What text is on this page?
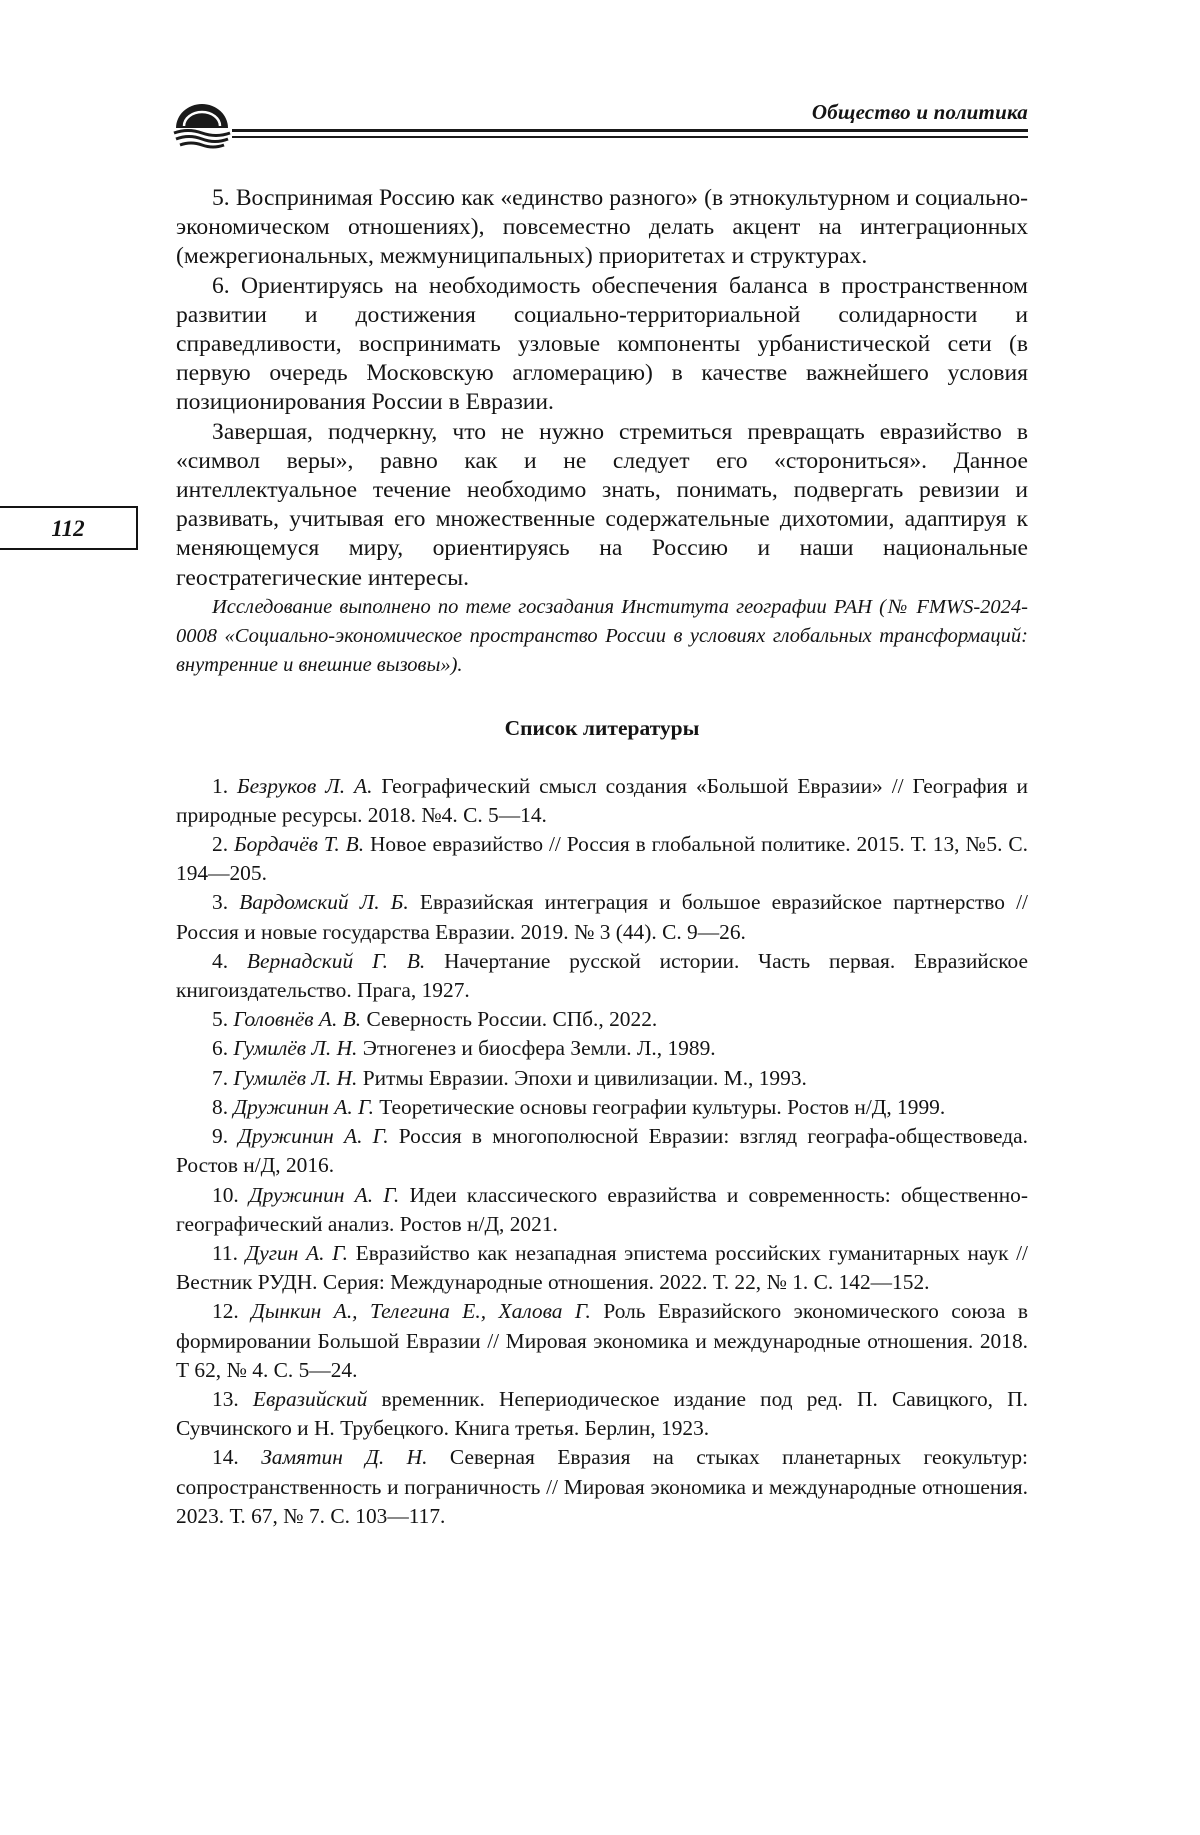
Общество и политика
112

5. Воспринимая Россию как «единство разного» (в этнокультурном и социально-экономическом отношениях), повсеместно делать акцент на интеграционных (межрегиональных, межмуниципальных) приоритетах и структурах.

6. Ориентируясь на необходимость обеспечения баланса в пространственном развитии и достижения социально-территориальной солидарности и справедливости, воспринимать узловые компоненты урбанистической сети (в первую очередь Московскую агломерацию) в качестве важнейшего условия позиционирования России в Евразии.

Завершая, подчеркну, что не нужно стремиться превращать евразийство в «символ веры», равно как и не следует его «сторониться». Данное интеллектуальное течение необходимо знать, понимать, подвергать ревизии и развивать, учитывая его множественные содержательные дихотомии, адаптируя к меняющемуся миру, ориентируясь на Россию и наши национальные геостратегические интересы.

Исследование выполнено по теме госзадания Института географии РАН (№ FMWS-2024-0008 «Социально-экономическое пространство России в условиях глобальных трансформаций: внутренние и внешние вызовы»).

Список литературы

1. Безруков Л. А. Географический смысл создания «Большой Евразии» // География и природные ресурсы. 2018. №4. С. 5—14.

2. Бордачёв Т. В. Новое евразийство // Россия в глобальной политике. 2015. Т. 13, №5. С. 194—205.

3. Вардомский Л. Б. Евразийская интеграция и большое евразийское партнерство // Россия и новые государства Евразии. 2019. № 3 (44). С. 9—26.

4. Вернадский Г. В. Начертание русской истории. Часть первая. Евразийское книгоиздательство. Прага, 1927.

5. Головнёв А. В. Северность России. СПб., 2022.

6. Гумилёв Л. Н. Этногенез и биосфера Земли. Л., 1989.

7. Гумилёв Л. Н. Ритмы Евразии. Эпохи и цивилизации. М., 1993.

8. Дружинин А. Г. Теоретические основы географии культуры. Ростов н/Д, 1999.

9. Дружинин А. Г. Россия в многополюсной Евразии: взгляд географа-обществоведа. Ростов н/Д, 2016.

10. Дружинин А. Г. Идеи классического евразийства и современность: общественно-географический анализ. Ростов н/Д, 2021.

11. Дугин А. Г. Евразийство как незападная эпистема российских гуманитарных наук // Вестник РУДН. Серия: Международные отношения. 2022. Т. 22, № 1. С. 142—152.

12. Дынкин А., Телегина Е., Халова Г. Роль Евразийского экономического союза в формировании Большой Евразии // Мировая экономика и международные отношения. 2018. Т 62, № 4. С. 5—24.

13. Евразийский временник. Непериодическое издание под ред. П. Савицкого, П. Сувчинского и Н. Трубецкого. Книга третья. Берлин, 1923.

14. Замятин Д. Н. Северная Евразия на стыках планетарных геокультур: сопространственность и пограничность // Мировая экономика и международные отношения. 2023. Т. 67, № 7. С. 103—117.
